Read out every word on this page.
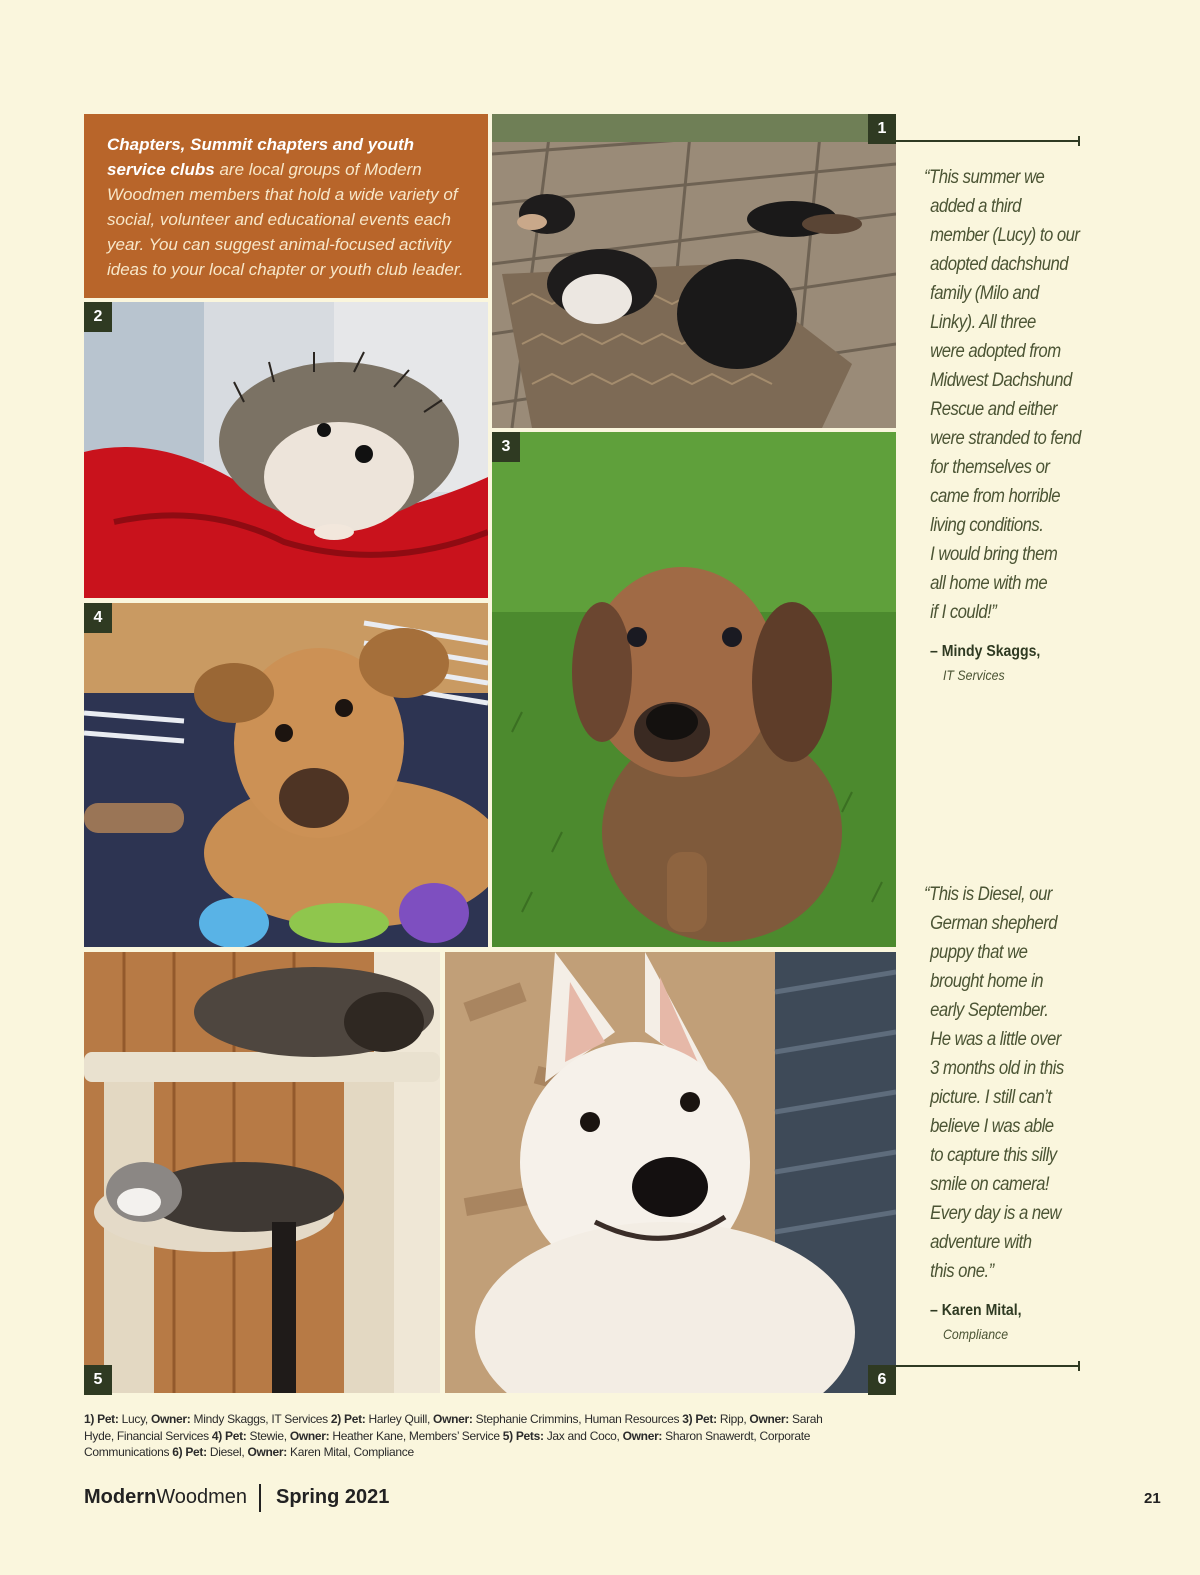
Chapters, Summit chapters and youth service clubs are local groups of Modern Woodmen members that hold a wide variety of social, volunteer and educational events each year. You can suggest animal-focused activity ideas to your local chapter or youth club leader.
1
2
3
4
5	6
“This summer we
added a third
member (Lucy) to our
adopted dachshund
family (Milo and
Linky). All three
were adopted from
Midwest Dachshund
Rescue and either
were stranded to fend
for themselves or
came from horrible
living conditions.
I would bring them
all home with me
if I could!”
– Mindy Skaggs,
IT Services
“This is Diesel, our
German shepherd
puppy that we
brought home in
early September.
He was a little over
3 months old in this
picture. I still can’t
believe I was able
to capture this silly
smile on camera!
Every day is a new
adventure with
this one.”
– Karen Mital,
Compliance
1) Pet: Lucy, Owner: Mindy Skaggs, IT Services 2) Pet: Harley Quill, Owner: Stephanie Crimmins, Human Resources 3) Pet: Ripp, Owner: Sarah Hyde, Financial Services 4) Pet: Stewie, Owner: Heather Kane, Members’ Service 5) Pets: Jax and Coco, Owner: Sharon Snawerdt, Corporate Communications 6) Pet: Diesel, Owner: Karen Mital, Compliance
ModernWoodmen Spring 2021	21
